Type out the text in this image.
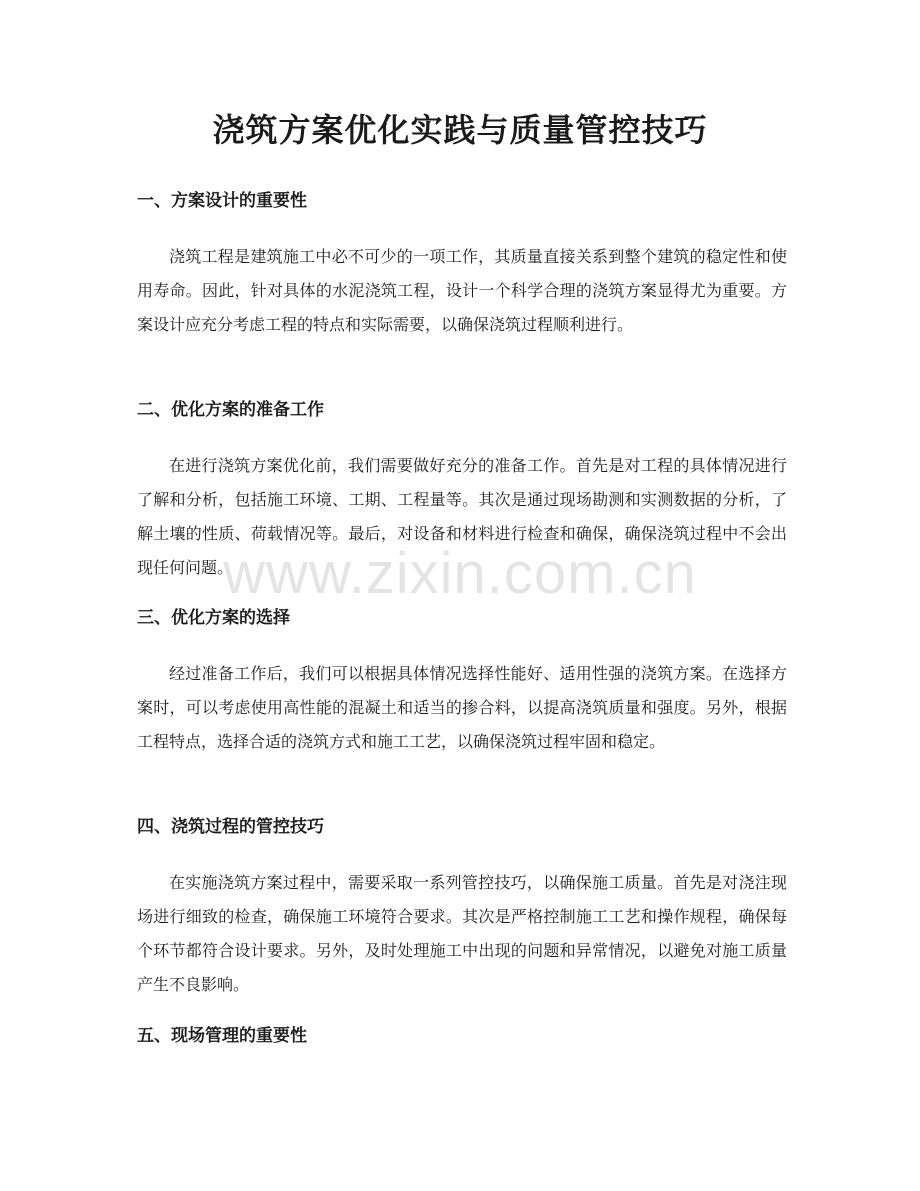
浇筑方案优化实践与质量管控技巧
一、方案设计的重要性

浇筑工程是建筑施工中必不可少的一项工作，其质量直接关系到整个建筑的稳定性和使用寿命。因此，针对具体的水泥浇筑工程，设计一个科学合理的浇筑方案显得尤为重要。方案设计应充分考虑工程的特点和实际需要，以确保浇筑过程顺利进行。

二、优化方案的准备工作

在进行浇筑方案优化前，我们需要做好充分的准备工作。首先是对工程的具体情况进行了解和分析，包括施工环境、工期、工程量等。其次是通过现场勘测和实测数据的分析，了解土壤的性质、荷载情况等。最后，对设备和材料进行检查和确保，确保浇筑过程中不会出现任何问题。

三、优化方案的选择

经过准备工作后，我们可以根据具体情况选择性能好、适用性强的浇筑方案。在选择方案时，可以考虑使用高性能的混凝土和适当的掺合料，以提高浇筑质量和强度。另外，根据工程特点，选择合适的浇筑方式和施工工艺，以确保浇筑过程牢固和稳定。

四、浇筑过程的管控技巧

在实施浇筑方案过程中，需要采取一系列管控技巧，以确保施工质量。首先是对浇注现场进行细致的检查，确保施工环境符合要求。其次是严格控制施工工艺和操作规程，确保每个环节都符合设计要求。另外，及时处理施工中出现的问题和异常情况，以避免对施工质量产生不良影响。

五、现场管理的重要性
www.zixin.com.cn
